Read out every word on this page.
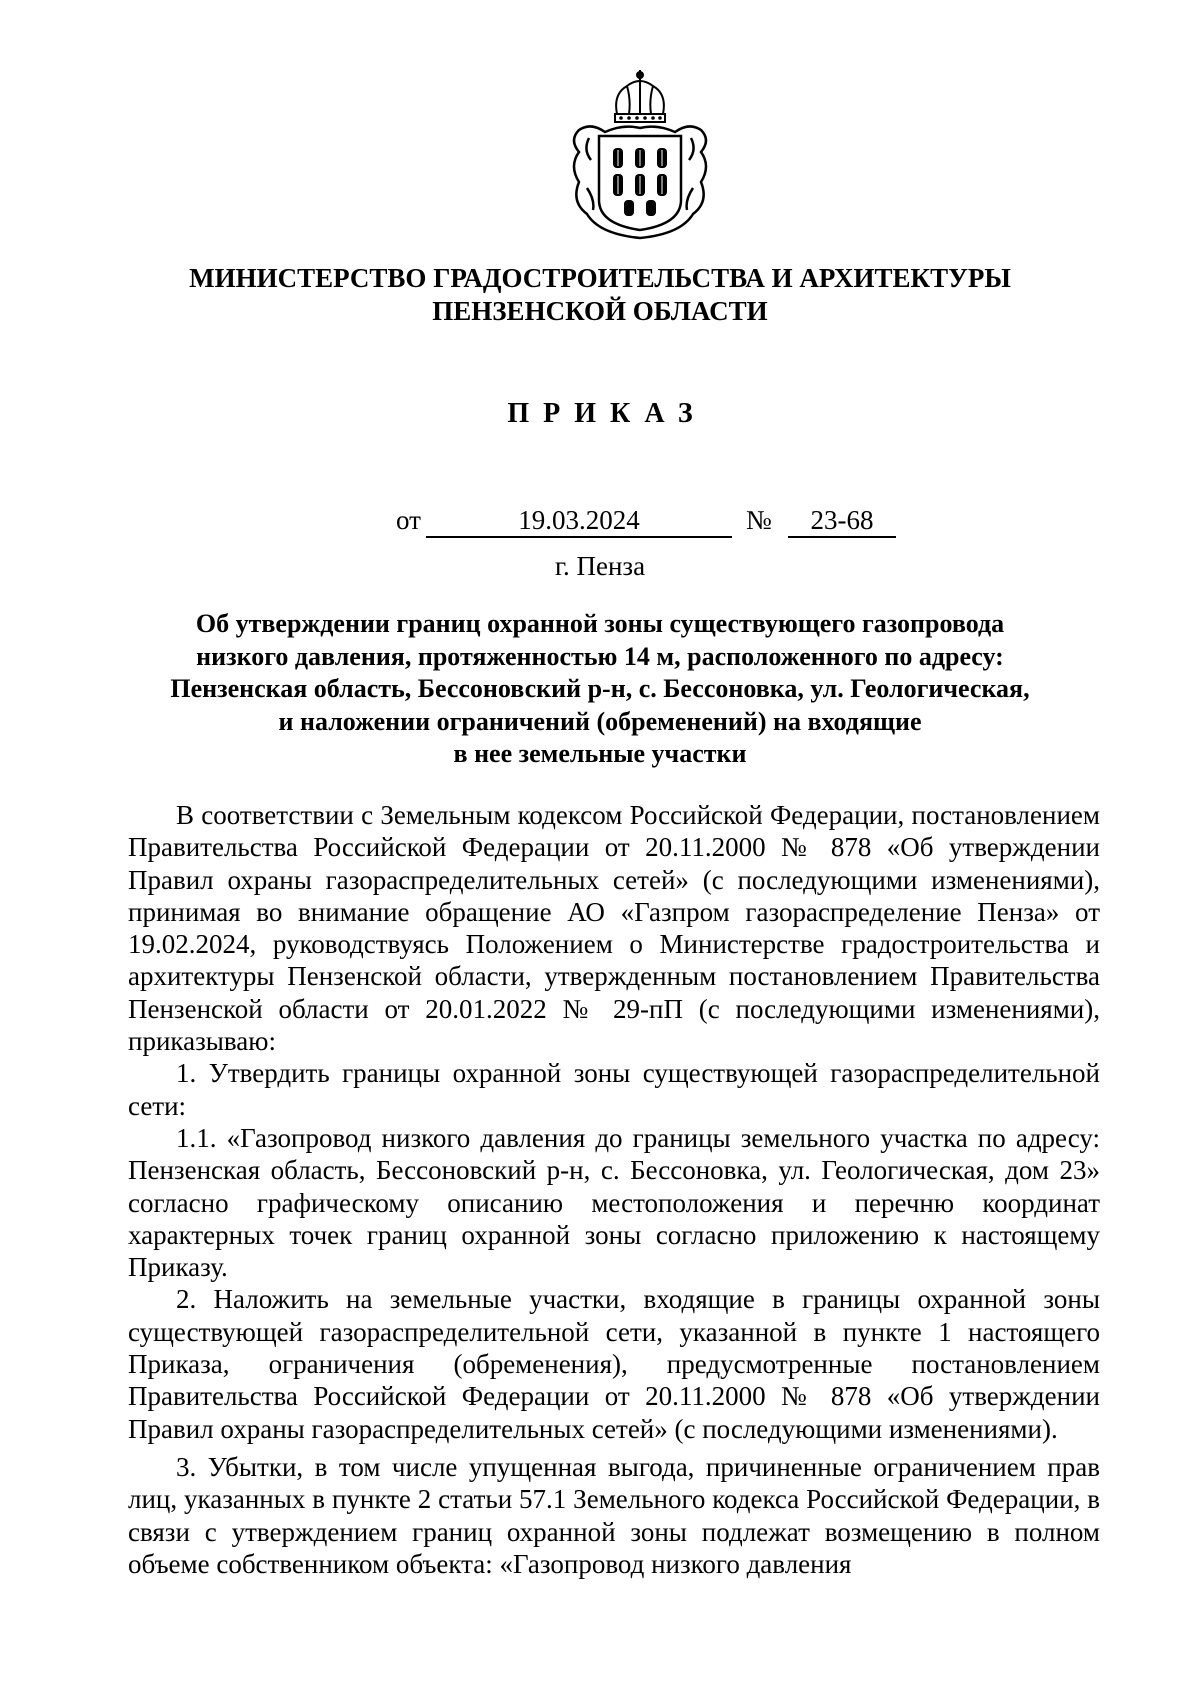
МИНИСТЕРСТВО ГРАДОСТРОИТЕЛЬСТВА И АРХИТЕКТУРЫ
ПЕНЗЕНСКОЙ ОБЛАСТИ
ПРИКАЗ
от	19.03.2024	№	23-68
г. Пенза
Об утверждении границ охранной зоны существующего газопровода
низкого давления, протяженностью 14 м, расположенного по адресу:
Пензенская область, Бессоновский р-н, с. Бессоновка, ул. Геологическая,
и наложении ограничений (обременений) на входящие
в нее земельные участки

В соответствии с Земельным кодексом Российской Федерации, постановлением Правительства Российской Федерации от 20.11.2000 № 878 «Об утверждении Правил охраны газораспределительных сетей» (с последующими изменениями), принимая во внимание обращение АО «Газпром газораспределение Пенза» от 19.02.2024, руководствуясь Положением о Министерстве градостроительства и архитектуры Пензенской области, утвержденным постановлением Правительства Пензенской области от 20.01.2022 № 29-пП (с последующими изменениями), приказываю:

1. Утвердить границы охранной зоны существующей газораспределительной сети:

1.1. «Газопровод низкого давления до границы земельного участка по адресу: Пензенская область, Бессоновский р-н, с. Бессоновка, ул. Геологическая, дом 23» согласно графическому описанию местоположения и перечню координат характерных точек границ охранной зоны согласно приложению к настоящему Приказу.

2. Наложить на земельные участки, входящие в границы охранной зоны существующей газораспределительной сети, указанной в пункте 1 настоящего Приказа, ограничения (обременения), предусмотренные постановлением Правительства Российской Федерации от 20.11.2000 № 878 «Об утверждении Правил охраны газораспределительных сетей» (с последующими изменениями).

3. Убытки, в том числе упущенная выгода, причиненные ограничением прав лиц, указанных в пункте 2 статьи 57.1 Земельного кодекса Российской Федерации, в связи с утверждением границ охранной зоны подлежат возмещению в полном объеме собственником объекта: «Газопровод низкого давления
